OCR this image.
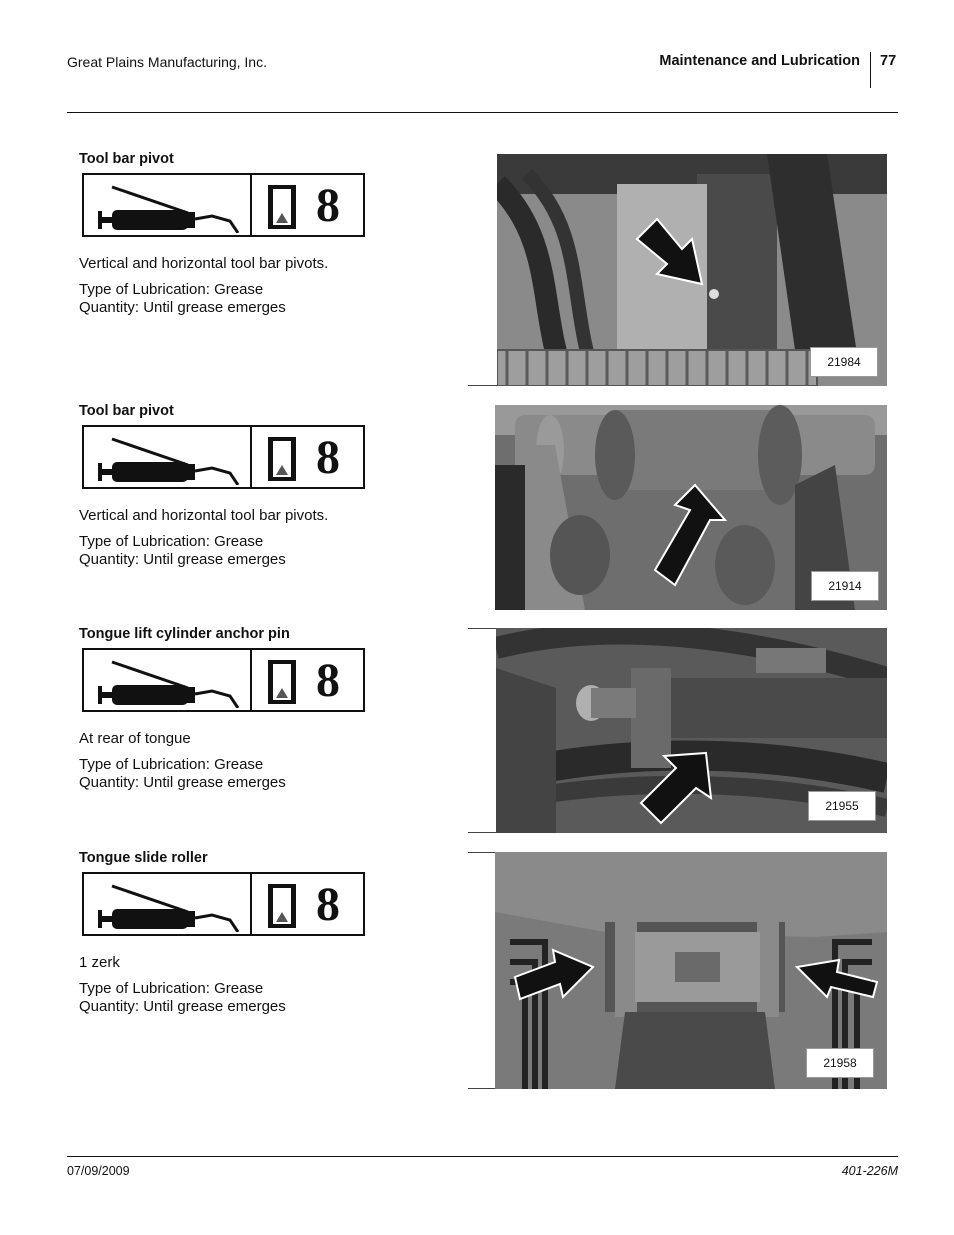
Great Plains Manufacturing, Inc.	Maintenance and Lubrication 77
Tool bar pivot
8
Vertical and horizontal tool bar pivots.
Type of Lubrication: Grease
Quantity: Until grease emerges
Tool bar pivot
8
Vertical and horizontal tool bar pivots.
Type of Lubrication: Grease
Quantity: Until grease emerges
Tongue lift cylinder anchor pin
8
At rear of tongue
Type of Lubrication: Grease
Quantity: Until grease emerges
Tongue slide roller
8
1 zerk
Type of Lubrication: Grease
Quantity: Until grease emerges
21984
21914
21955
21958
07/09/2009	401-226M
